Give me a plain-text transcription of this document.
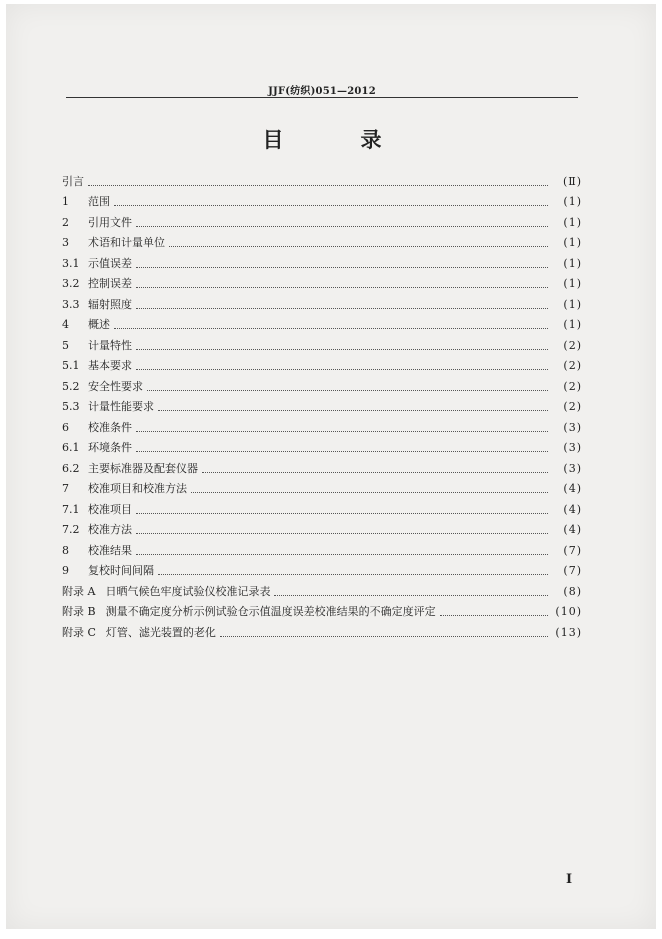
JJF(纺织)051—2012
目　录
引言	(Ⅱ)
1 范围	(1)
2 引用文件	(1)
3 术语和计量单位	(1)
3.1 示值误差	(1)
3.2 控制误差	(1)
3.3 辐射照度	(1)
4 概述	(1)
5 计量特性	(2)
5.1 基本要求	(2)
5.2 安全性要求	(2)
5.3 计量性能要求	(2)
6 校准条件	(3)
6.1 环境条件	(3)
6.2 主要标准器及配套仪器	(3)
7 校准项目和校准方法	(4)
7.1 校准项目	(4)
7.2 校准方法	(4)
8 校准结果	(7)
9 复校时间间隔	(7)
附录 A 日晒气候色牢度试验仪校准记录表	(8)
附录 B 测量不确定度分析示例试验仓示值温度误差校准结果的不确定度评定	(10)
附录 C 灯管、滤光装置的老化	(13)
I
